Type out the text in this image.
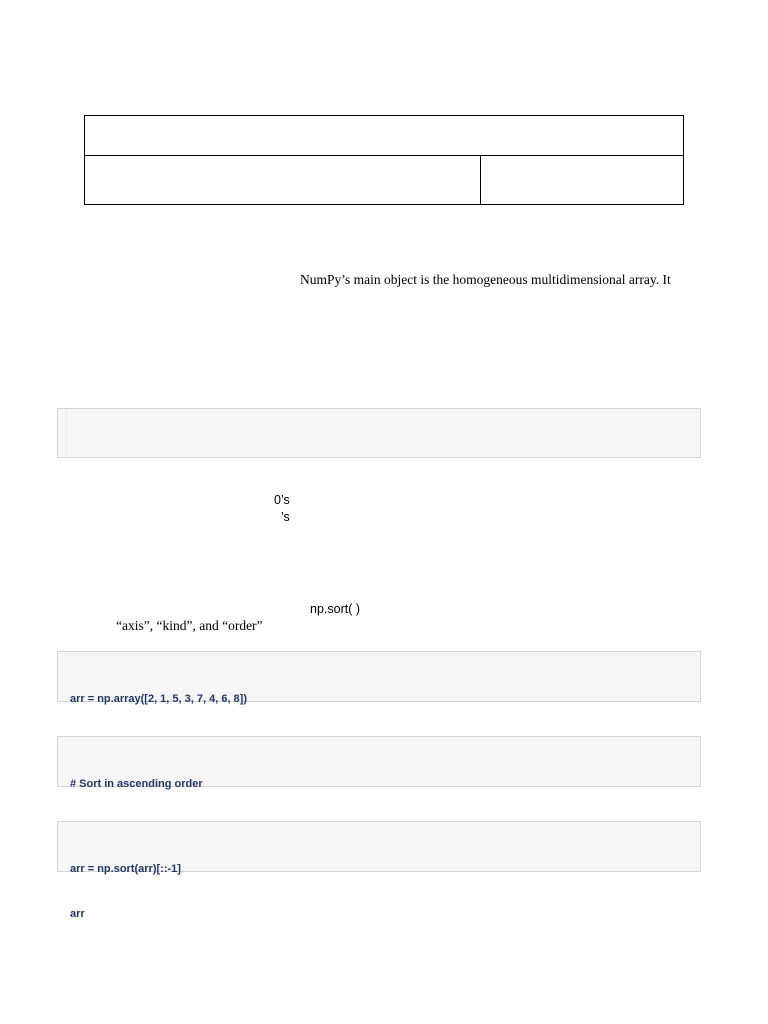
NumPy’s main object is the homogeneous multidimensional array. It
0’s
’s
np.sort( )
“axis”, “kind”, and “order”

arr = np.array([2, 1, 5, 3, 7, 4, 6, 8])

# Sort in ascending order

arr = np.sort(arr)[::-1]

arr
